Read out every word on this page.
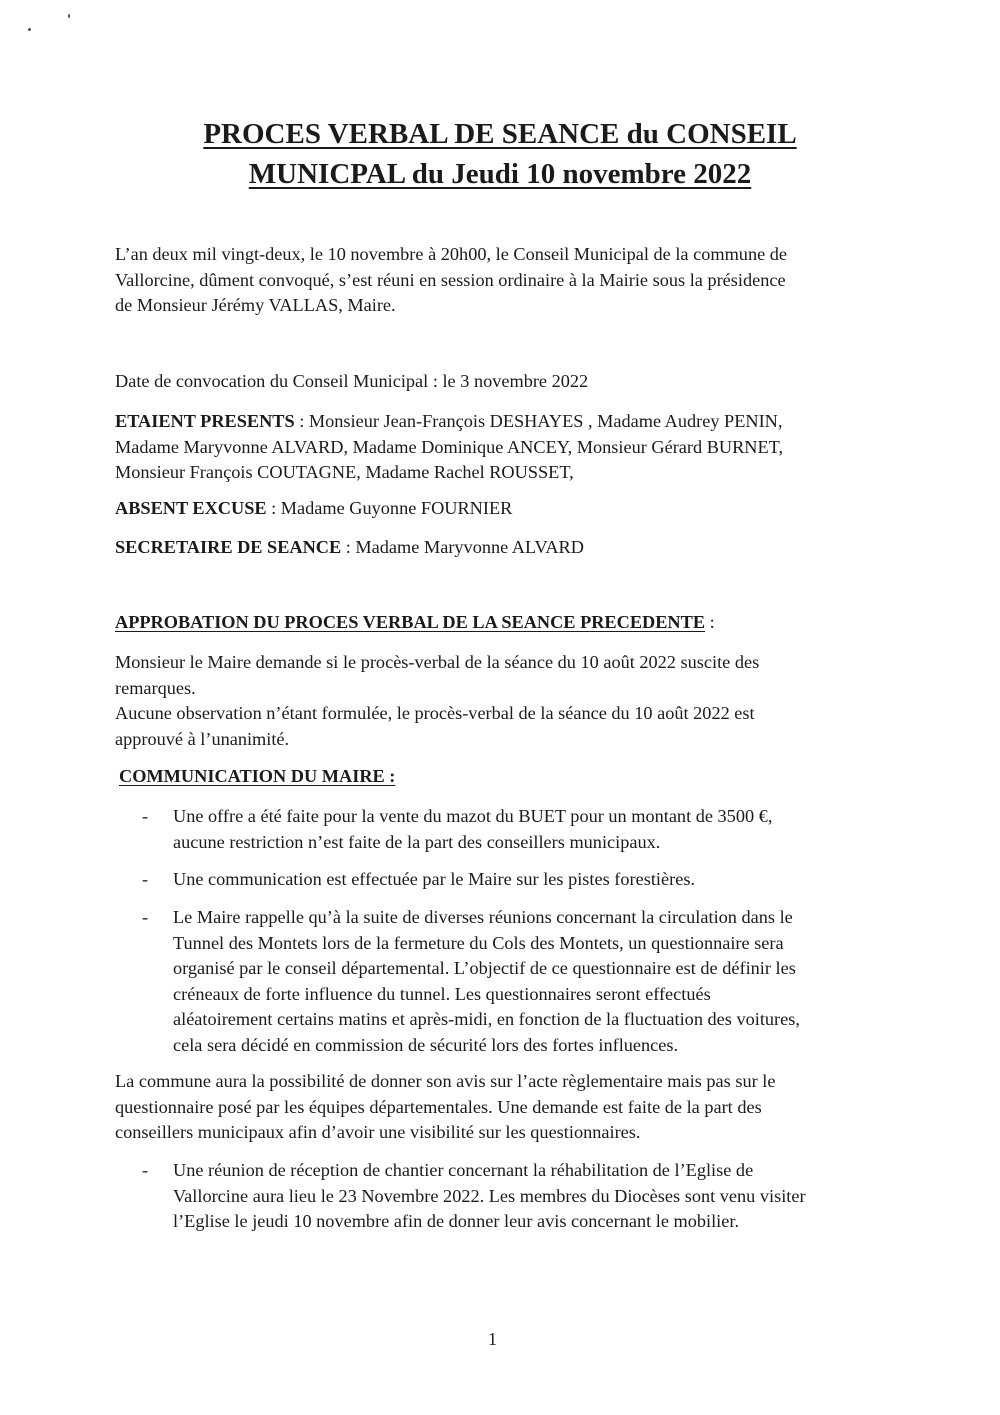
PROCES VERBAL DE SEANCE du CONSEIL
MUNICPAL du Jeudi 10 novembre 2022
L’an deux mil vingt-deux, le 10 novembre à 20h00, le Conseil Municipal de la commune de
Vallorcine, dûment convoqué, s’est réuni en session ordinaire à la Mairie sous la présidence
de Monsieur Jérémy VALLAS, Maire.
Date de convocation du Conseil Municipal : le 3 novembre 2022
ETAIENT PRESENTS : Monsieur Jean-François DESHAYES , Madame Audrey PENIN,
Madame Maryvonne ALVARD, Madame Dominique ANCEY, Monsieur Gérard BURNET,
Monsieur François COUTAGNE, Madame Rachel ROUSSET,
ABSENT EXCUSE : Madame Guyonne FOURNIER
SECRETAIRE DE SEANCE : Madame Maryvonne ALVARD
APPROBATION DU PROCES VERBAL DE LA SEANCE PRECEDENTE :
Monsieur le Maire demande si le procès-verbal de la séance du 10 août 2022 suscite des
remarques.
Aucune observation n’étant formulée, le procès-verbal de la séance du 10 août 2022 est
approuvé à l’unanimité.
COMMUNICATION DU MAIRE :
- Une offre a été faite pour la vente du mazot du BUET pour un montant de 3500 €,
aucune restriction n’est faite de la part des conseillers municipaux.
- Une communication est effectuée par le Maire sur les pistes forestières.
- Le Maire rappelle qu’à la suite de diverses réunions concernant la circulation dans le
Tunnel des Montets lors de la fermeture du Cols des Montets, un questionnaire sera
organisé par le conseil départemental. L’objectif de ce questionnaire est de définir les
créneaux de forte influence du tunnel. Les questionnaires seront effectués
aléatoirement certains matins et après-midi, en fonction de la fluctuation des voitures,
cela sera décidé en commission de sécurité lors des fortes influences.
La commune aura la possibilité de donner son avis sur l’acte règlementaire mais pas sur le
questionnaire posé par les équipes départementales. Une demande est faite de la part des
conseillers municipaux afin d’avoir une visibilité sur les questionnaires.
- Une réunion de réception de chantier concernant la réhabilitation de l’Eglise de
Vallorcine aura lieu le 23 Novembre 2022. Les membres du Diocèses sont venu visiter
l’Eglise le jeudi 10 novembre afin de donner leur avis concernant le mobilier.
1
